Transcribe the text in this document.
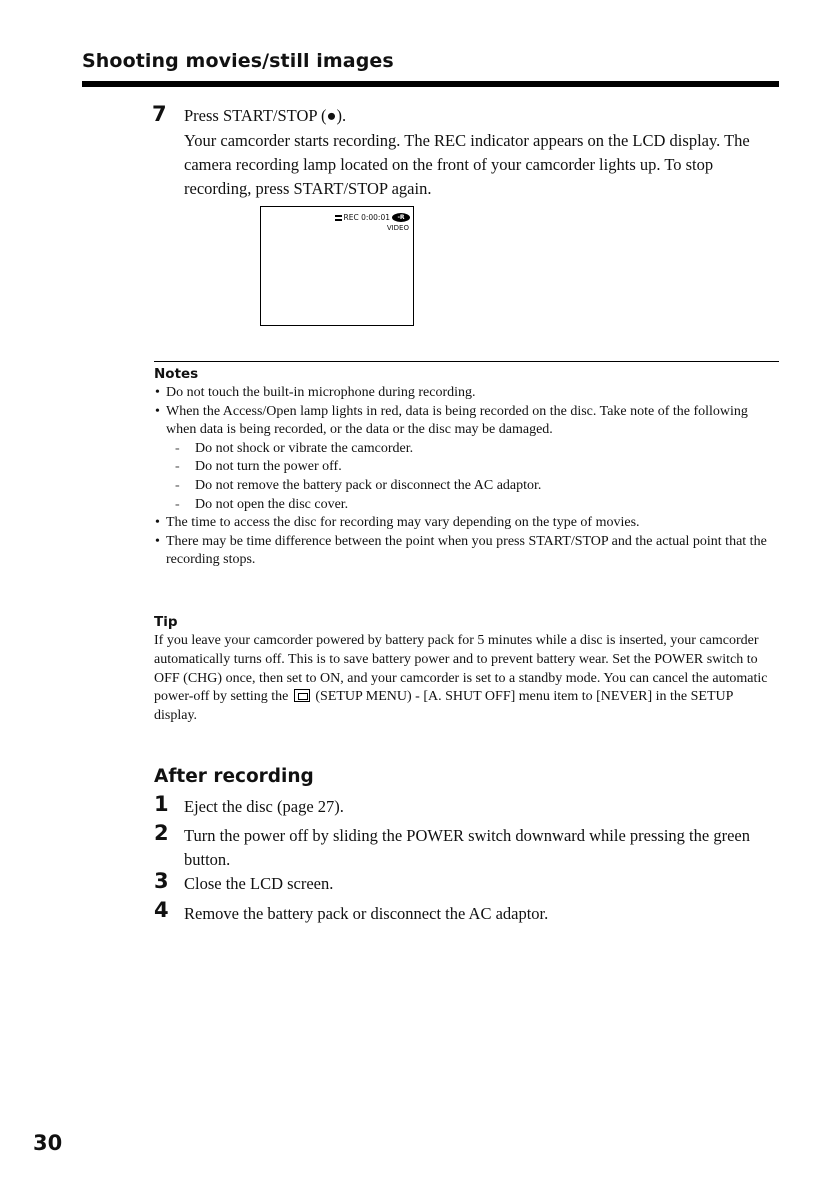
Shooting movies/still images
7 Press START/STOP (●).
Your camcorder starts recording. The REC indicator appears on the LCD display. The camera recording lamp located on the front of your camcorder lights up. To stop recording, press START/STOP again.
REC 0:00:01	-R
VIDEO
Notes
• Do not touch the built-in microphone during recording.
• When the Access/Open lamp lights in red, data is being recorded on the disc. Take note of the following when data is being recorded, or the data or the disc may be damaged.
- Do not shock or vibrate the camcorder.
- Do not turn the power off.
- Do not remove the battery pack or disconnect the AC adaptor.
- Do not open the disc cover.
• The time to access the disc for recording may vary depending on the type of movies.
• There may be time difference between the point when you press START/STOP and the actual point that the recording stops.
Tip
If you leave your camcorder powered by battery pack for 5 minutes while a disc is inserted, your camcorder automatically turns off. This is to save battery power and to prevent battery wear. Set the POWER switch to OFF (CHG) once, then set to ON, and your camcorder is set to a standby mode. You can cancel the automatic power-off by setting the (SETUP MENU) - [A. SHUT OFF] menu item to [NEVER] in the SETUP display.
After recording
1 Eject the disc (page 27).
2 Turn the power off by sliding the POWER switch downward while pressing the green button.
3 Close the LCD screen.
4 Remove the battery pack or disconnect the AC adaptor.
30
